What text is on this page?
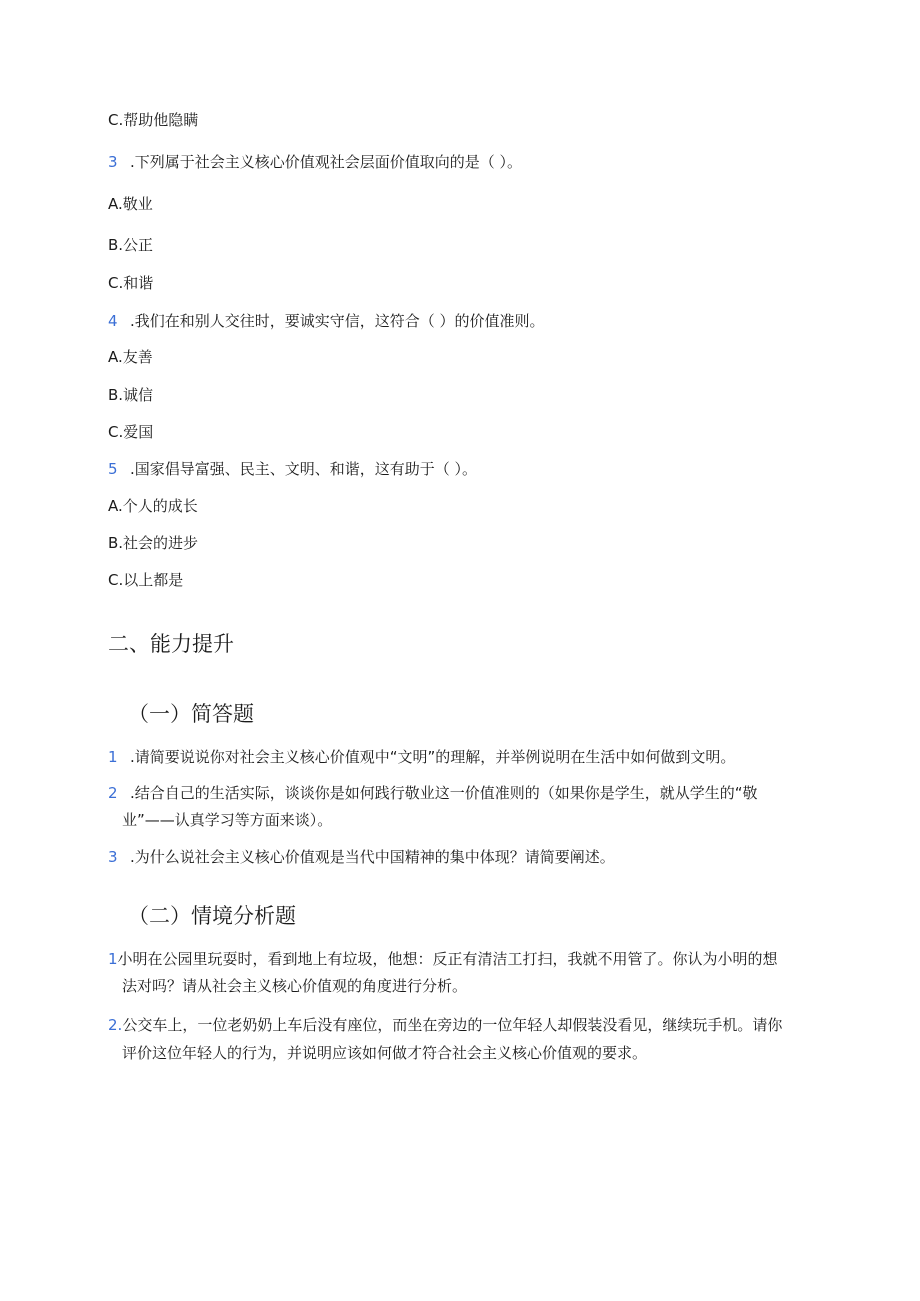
C.帮助他隐瞒
3 .下列属于社会主义核心价值观社会层面价值取向的是（ ）。
A.敬业
B.公正
C.和谐
4 .我们在和别人交往时，要诚实守信，这符合（ ）的价值准则。
A.友善
B.诚信
C.爱国
5 .国家倡导富强、民主、文明、和谐，这有助于（ ）。
A.个人的成长
B.社会的进步
C.以上都是
二、能力提升
（一）简答题
1 .请简要说说你对社会主义核心价值观中“文明”的理解，并举例说明在生活中如何做到文明。
2 .结合自己的生活实际，谈谈你是如何践行敬业这一价值准则的（如果你是学生，就从学生的“敬
业”——认真学习等方面来谈）。
3 .为什么说社会主义核心价值观是当代中国精神的集中体现？请简要阐述。
（二）情境分析题
1小明在公园里玩耍时，看到地上有垃圾，他想：反正有清洁工打扫，我就不用管了。你认为小明的想
法对吗？请从社会主义核心价值观的角度进行分析。
2.公交车上，一位老奶奶上车后没有座位，而坐在旁边的一位年轻人却假装没看见，继续玩手机。请你
评价这位年轻人的行为，并说明应该如何做才符合社会主义核心价值观的要求。
